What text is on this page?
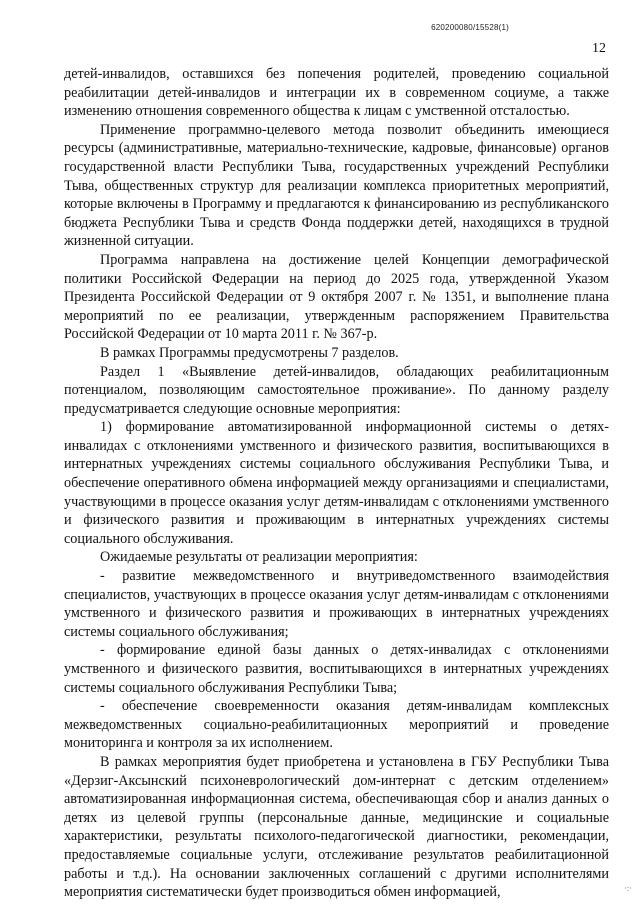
620200080/15528(1)
12

детей-инвалидов, оставшихся без попечения родителей, проведению социальной реабилитации детей-инвалидов и интеграции их в современном социуме, а также изменению отношения современного общества к лицам с умственной отсталостью.

Применение программно-целевого метода позволит объединить имеющиеся ресурсы (административные, материально-технические, кадровые, финансовые) органов государственной власти Республики Тыва, государственных учреждений Республики Тыва, общественных структур для реализации комплекса приоритетных мероприятий, которые включены в Программу и предлагаются к финансированию из республиканского бюджета Республики Тыва и средств Фонда поддержки детей, находящихся в трудной жизненной ситуации.

Программа направлена на достижение целей Концепции демографической политики Российской Федерации на период до 2025 года, утвержденной Указом Президента Российской Федерации от 9 октября 2007 г. № 1351, и выполнение плана мероприятий по ее реализации, утвержденным распоряжением Правительства Российской Федерации от 10 марта 2011 г. № 367-р.

В рамках Программы предусмотрены 7 разделов.

Раздел 1 «Выявление детей-инвалидов, обладающих реабилитационным потенциалом, позволяющим самостоятельное проживание». По данному разделу предусматривается следующие основные мероприятия:

1) формирование автоматизированной информационной системы о детях-инвалидах с отклонениями умственного и физического развития, воспитывающихся в интернатных учреждениях системы социального обслуживания Республики Тыва, и обеспечение оперативного обмена информацией между организациями и специалистами, участвующими в процессе оказания услуг детям-инвалидам с отклонениями умственного и физического развития и проживающим в интернатных учреждениях системы социального обслуживания.

Ожидаемые результаты от реализации мероприятия:

- развитие межведомственного и внутриведомственного взаимодействия специалистов, участвующих в процессе оказания услуг детям-инвалидам с отклонениями умственного и физического развития и проживающих в интернатных учреждениях системы социального обслуживания;

- формирование единой базы данных о детях-инвалидах с отклонениями умственного и физического развития, воспитывающихся в интернатных учреждениях системы социального обслуживания Республики Тыва;

- обеспечение своевременности оказания детям-инвалидам комплексных межведомственных социально-реабилитационных мероприятий и проведение мониторинга и контроля за их исполнением.

В рамках мероприятия будет приобретена и установлена в ГБУ Республики Тыва «Дерзиг-Аксынский психоневрологический дом-интернат с детским отделением» автоматизированная информационная система, обеспечивающая сбор и анализ данных о детях из целевой группы (персональные данные, медицинские и социальные характеристики, результаты психолого-педагогической диагностики, рекомендации, предоставляемые социальные услуги, отслеживание результатов реабилитационной работы и т.д.). На основании заключенных соглашений с другими исполнителями мероприятия систематически будет производиться обмен информацией,	·:·
